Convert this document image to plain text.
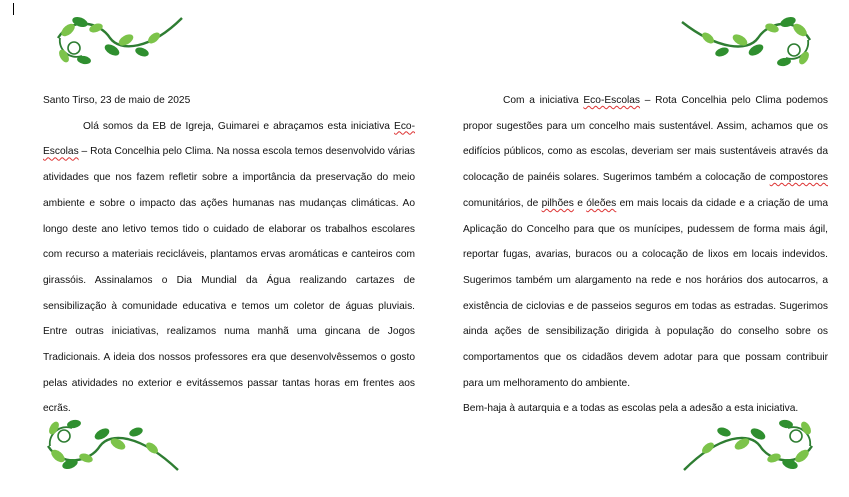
Santo Tirso, 23 de maio de 2025

Olá somos da EB de Igreja, Guimarei e abraçamos esta iniciativa Eco-Escolas – Rota Concelhia pelo Clima. Na nossa escola temos desenvolvido várias atividades que nos fazem refletir sobre a importância da preservação do meio ambiente e sobre o impacto das ações humanas nas mudanças climáticas. Ao longo deste ano letivo temos tido o cuidado de elaborar os trabalhos escolares com recurso a materiais recicláveis, plantamos ervas aromáticas e canteiros com girassóis. Assinalamos o Dia Mundial da Água realizando cartazes de sensibilização à comunidade educativa e temos um coletor de águas pluviais. Entre outras iniciativas, realizamos numa manhã uma gincana de Jogos Tradicionais. A ideia dos nossos professores era que desenvolvêssemos o gosto pelas atividades no exterior e evitássemos passar tantas horas em frentes aos ecrãs.

Com a iniciativa Eco-Escolas – Rota Concelhia pelo Clima podemos propor sugestões para um concelho mais sustentável. Assim, achamos que os edifícios públicos, como as escolas, deveriam ser mais sustentáveis através da colocação de painéis solares. Sugerimos também a colocação de compostores comunitários, de pilhões e óleões em mais locais da cidade e a criação de uma Aplicação do Concelho para que os munícipes, pudessem de forma mais ágil, reportar fugas, avarias, buracos ou a colocação de lixos em locais indevidos. Sugerimos também um alargamento na rede e nos horários dos autocarros, a existência de ciclovias e de passeios seguros em todas as estradas. Sugerimos ainda ações de sensibilização dirigida à população do conselho sobre os comportamentos que os cidadãos devem adotar para que possam contribuir para um melhoramento do ambiente.

Bem-haja à autarquia e a todas as escolas pela a adesão a esta iniciativa.
